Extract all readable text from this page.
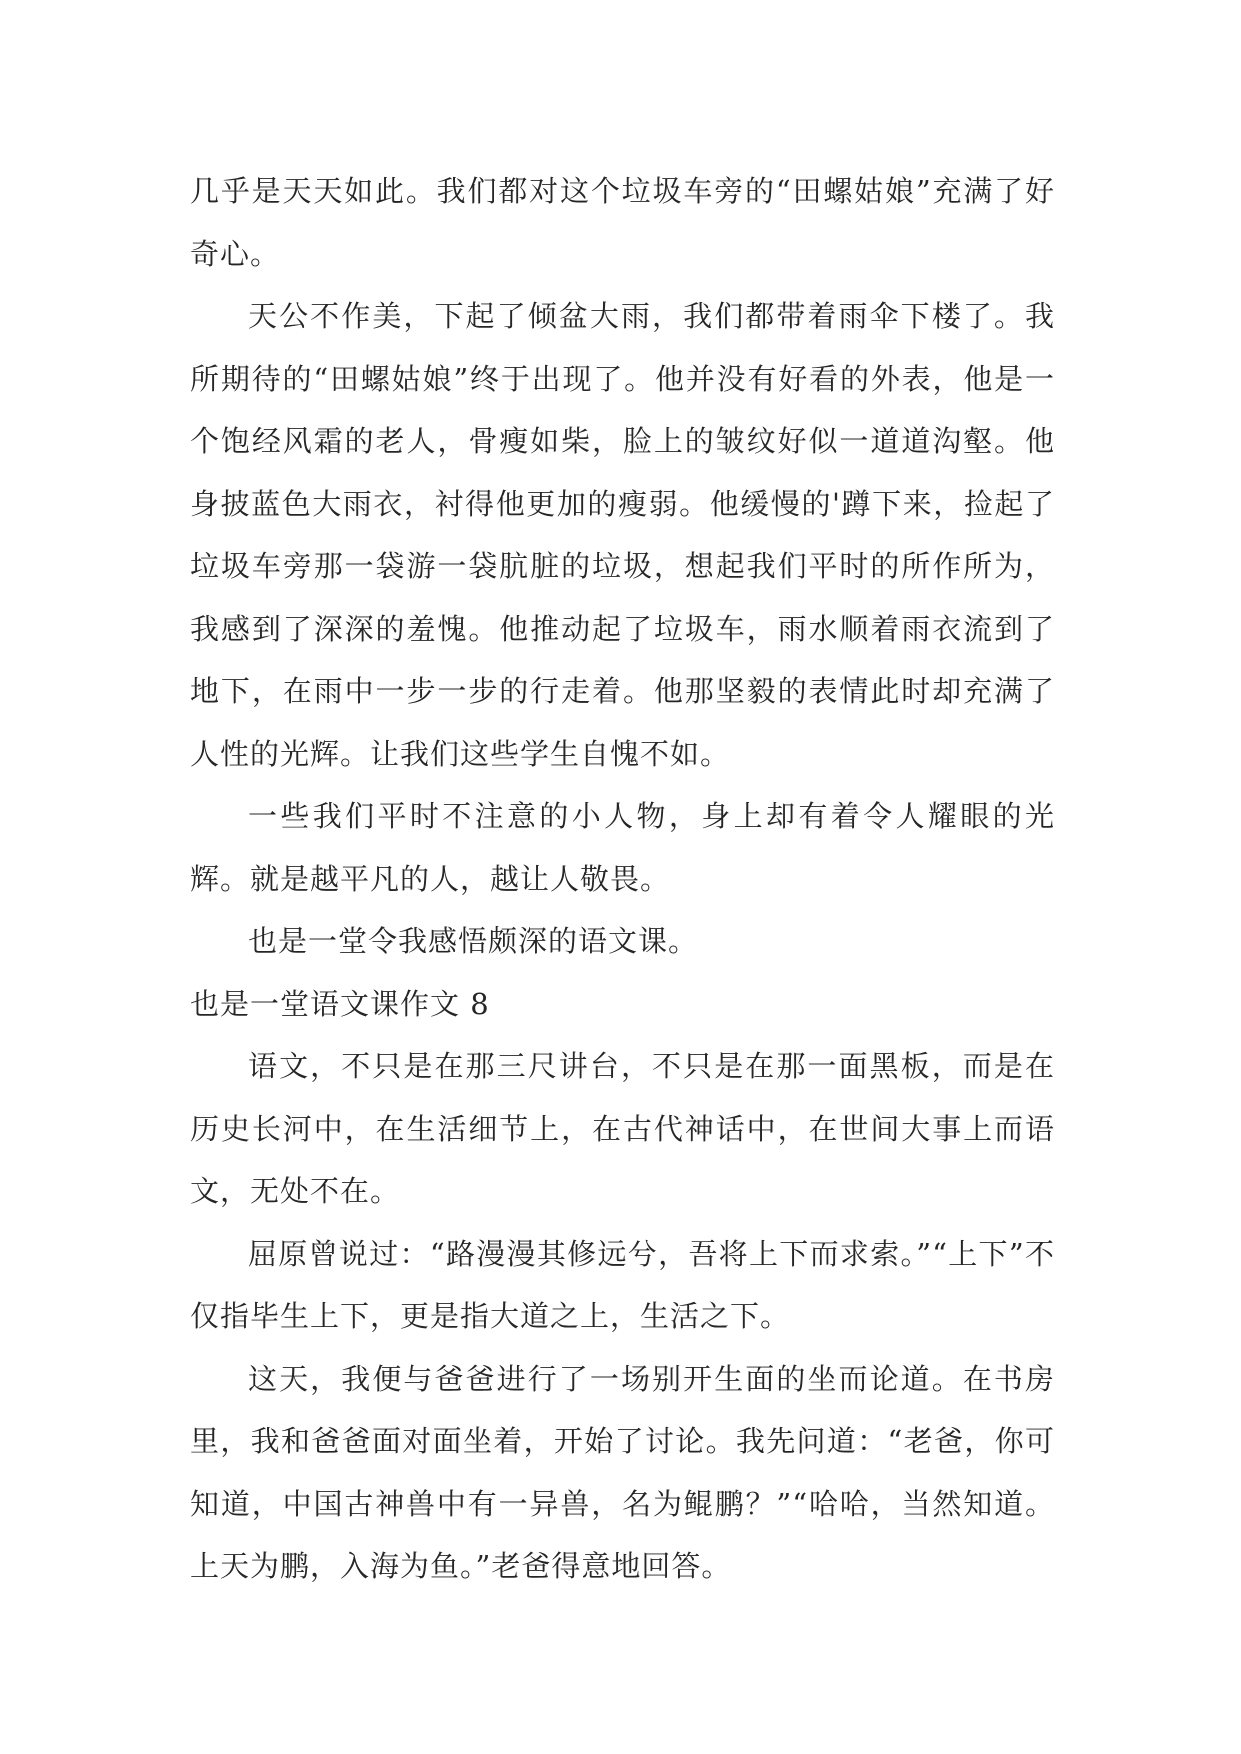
几乎是天天如此。我们都对这个垃圾车旁的“田螺姑娘”充满了好奇心。

天公不作美，下起了倾盆大雨，我们都带着雨伞下楼了。我所期待的“田螺姑娘”终于出现了。他并没有好看的外表，他是一个饱经风霜的老人，骨瘦如柴，脸上的皱纹好似一道道沟壑。他身披蓝色大雨衣，衬得他更加的瘦弱。他缓慢的'蹲下来，捡起了垃圾车旁那一袋游一袋肮脏的垃圾，想起我们平时的所作所为，我感到了深深的羞愧。他推动起了垃圾车，雨水顺着雨衣流到了地下，在雨中一步一步的行走着。他那坚毅的表情此时却充满了人性的光辉。让我们这些学生自愧不如。

一些我们平时不注意的小人物，身上却有着令人耀眼的光辉。就是越平凡的人，越让人敬畏。

也是一堂令我感悟颇深的语文课。

也是一堂语文课作文 8

语文，不只是在那三尺讲台，不只是在那一面黑板，而是在历史长河中，在生活细节上，在古代神话中，在世间大事上而语文，无处不在。

屈原曾说过：“路漫漫其修远兮，吾将上下而求索。”“上下”不仅指毕生上下，更是指大道之上，生活之下。

这天，我便与爸爸进行了一场别开生面的坐而论道。在书房里，我和爸爸面对面坐着，开始了讨论。我先问道：“老爸，你可知道，中国古神兽中有一异兽，名为鲲鹏？”“哈哈，当然知道。上天为鹏，入海为鱼。”老爸得意地回答。
